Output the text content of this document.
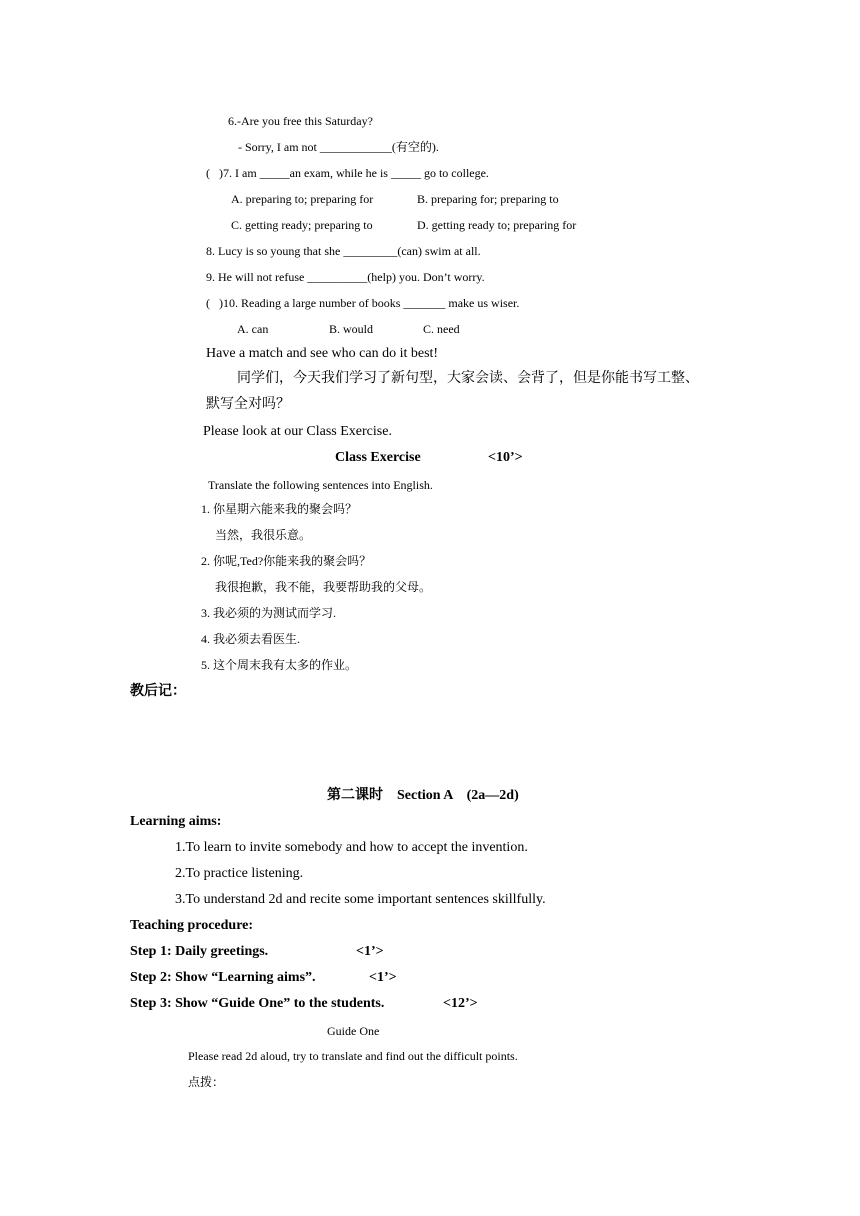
6.-Are you free this Saturday?
- Sorry, I am not ____________(有空的).
(   )7. I am _____an exam, while he is _____ go to college.
A. preparing to; preparing for	B. preparing for; preparing to
C. getting ready; preparing to	D. getting ready to; preparing for
8. Lucy is so young that she _________(can) swim at all.
9. He will not refuse __________(help) you. Don’t worry.
(   )10. Reading a large number of books _______ make us wiser.
A. can	B. would	C. need
Have a match and see who can do it best!
同学们，今天我们学习了新句型，大家会读、会背了，但是你能书写工整、
默写全对吗？
Please look at our Class Exercise.
Class Exercise	<10’>
Translate the following sentences into English.
1. 你星期六能来我的聚会吗？
当然，我很乐意。
2. 你呢,Ted?你能来我的聚会吗？
我很抱歉，我不能，我要帮助我的父母。
3. 我必须的为测试而学习.
4. 我必须去看医生.
5. 这个周末我有太多的作业。
教后记：
第二课时　Section A　(2a—2d)
Learning aims:
1.To learn to invite somebody and how to accept the invention.
2.To practice listening.
3.To understand 2d and recite some important sentences skillfully.
Teaching procedure:
Step 1: Daily greetings.	<1’>
Step 2: Show “Learning aims”.	<1’>
Step 3: Show “Guide One” to the students.	<12’>
Guide One
Please read 2d aloud, try to translate and find out the difficult points.
点拨：
